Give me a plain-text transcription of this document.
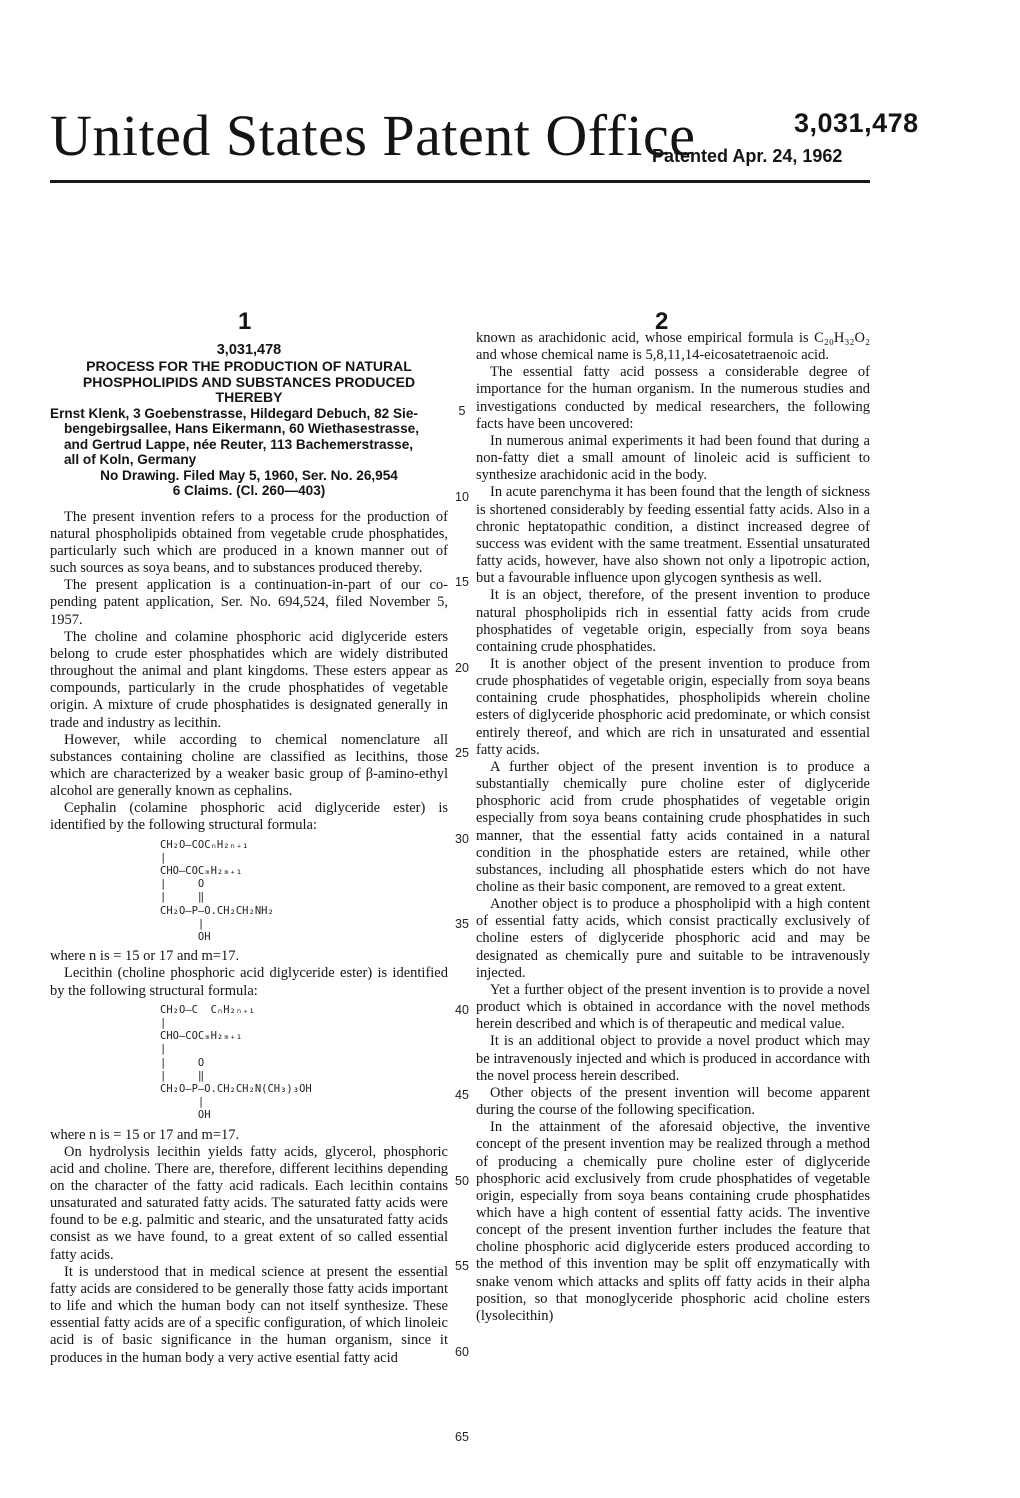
United States Patent Office	3,031,478
Patented Apr. 24, 1962
1	2

3,031,478

PROCESS FOR THE PRODUCTION OF NATURAL PHOSPHOLIPIDS AND SUBSTANCES PRODUCED THEREBY

Ernst Klenk, 3 Goebenstrasse, Hildegard Debuch, 82 Sie-
bengebirgsallee, Hans Eikermann, 60 Wiethasestrasse,
and Gertrud Lappe, née Reuter, 113 Bachemerstrasse,
all of Koln, Germany

No Drawing. Filed May 5, 1960, Ser. No. 26,954

6 Claims. (Cl. 260—403)

The present invention refers to a process for the production of natural phospholipids obtained from vegetable crude phosphatides, particularly such which are produced in a known manner out of such sources as soya beans, and to substances produced thereby.

The present application is a continuation-in-part of our co-pending patent application, Ser. No. 694,524, filed November 5, 1957.

The choline and colamine phosphoric acid diglyceride esters belong to crude ester phosphatides which are widely distributed throughout the animal and plant kingdoms. These esters appear as compounds, particularly in the crude phosphatides of vegetable origin. A mixture of crude phosphatides is designated generally in trade and industry as lecithin.

However, while according to chemical nomenclature all substances containing choline are classified as lecithins, those which are characterized by a weaker basic group of β-amino-ethyl alcohol are generally known as cephalins.

Cephalin (colamine phosphoric acid diglyceride ester) is identified by the following structural formula:

CH₂O—COCₙH₂ₙ₊₁
|
CHO—COCₘH₂ₘ₊₁
|     O
|     ‖
CH₂O—P—O.CH₂CH₂NH₂
|
OH

where n is = 15 or 17 and m=17.

Lecithin (choline phosphoric acid diglyceride ester) is identified by the following structural formula:

CH₂O—C  CₙH₂ₙ₊₁
|
CHO—COCₘH₂ₘ₊₁
|
|     O
|     ‖
CH₂O—P—O.CH₂CH₂N(CH₃)₃OH
|
OH

where n is = 15 or 17 and m=17.

On hydrolysis lecithin yields fatty acids, glycerol, phosphoric acid and choline. There are, therefore, different lecithins depending on the character of the fatty acid radicals. Each lecithin contains unsaturated and saturated fatty acids. The saturated fatty acids were found to be e.g. palmitic and stearic, and the unsaturated fatty acids consist as we have found, to a great extent of so called essential fatty acids.

It is understood that in medical science at present the essential fatty acids are considered to be generally those fatty acids important to life and which the human body can not itself synthesize. These essential fatty acids are of a specific configuration, of which linoleic acid is of basic significance in the human organism, since it produces in the human body a very active esential fatty acid

5
10
15
20
25
30
35
40
45
50
55
60
65

known as arachidonic acid, whose empirical formula is C₂₀H₃₂O₂ and whose chemical name is 5,8,11,14-eicosatetraenoic acid.

The essential fatty acid possess a considerable degree of importance for the human organism. In the numerous studies and investigations conducted by medical researchers, the following facts have been uncovered:

In numerous animal experiments it had been found that during a non-fatty diet a small amount of linoleic acid is sufficient to synthesize arachidonic acid in the body.

In acute parenchyma it has been found that the length of sickness is shortened considerably by feeding essential fatty acids. Also in a chronic heptatopathic condition, a distinct increased degree of success was evident with the same treatment. Essential unsaturated fatty acids, however, have also shown not only a lipotropic action, but a favourable influence upon glycogen synthesis as well.

It is an object, therefore, of the present invention to produce natural phospholipids rich in essential fatty acids from crude phosphatides of vegetable origin, especially from soya beans containing crude phosphatides.

It is another object of the present invention to produce from crude phosphatides of vegetable origin, especially from soya beans containing crude phosphatides, phospholipids wherein choline esters of diglyceride phosphoric acid predominate, or which consist entirely thereof, and which are rich in unsaturated and essential fatty acids.

A further object of the present invention is to produce a substantially chemically pure choline ester of diglyceride phosphoric acid from crude phosphatides of vegetable origin especially from soya beans containing crude phosphatides in such manner, that the essential fatty acids contained in a natural condition in the phosphatide esters are retained, while other substances, including all phosphatide esters which do not have choline as their basic component, are removed to a great extent.

Another object is to produce a phospholipid with a high content of essential fatty acids, which consist practically exclusively of choline esters of diglyceride phosphoric acid and may be designated as chemically pure and suitable to be intravenously injected.

Yet a further object of the present invention is to provide a novel product which is obtained in accordance with the novel methods herein described and which is of therapeutic and medical value.

It is an additional object to provide a novel product which may be intravenously injected and which is produced in accordance with the novel process herein described.

Other objects of the present invention will become apparent during the course of the following specification.

In the attainment of the aforesaid objective, the inventive concept of the present invention may be realized through a method of producing a chemically pure choline ester of diglyceride phosphoric acid exclusively from crude phosphatides of vegetable origin, especially from soya beans containing crude phosphatides which have a high content of essential fatty acids. The inventive concept of the present invention further includes the feature that choline phosphoric acid diglyceride esters produced according to the method of this invention may be split off enzymatically with snake venom which attacks and splits off fatty acids in their alpha position, so that monoglyceride phosphoric acid choline esters (lysolecithin)
